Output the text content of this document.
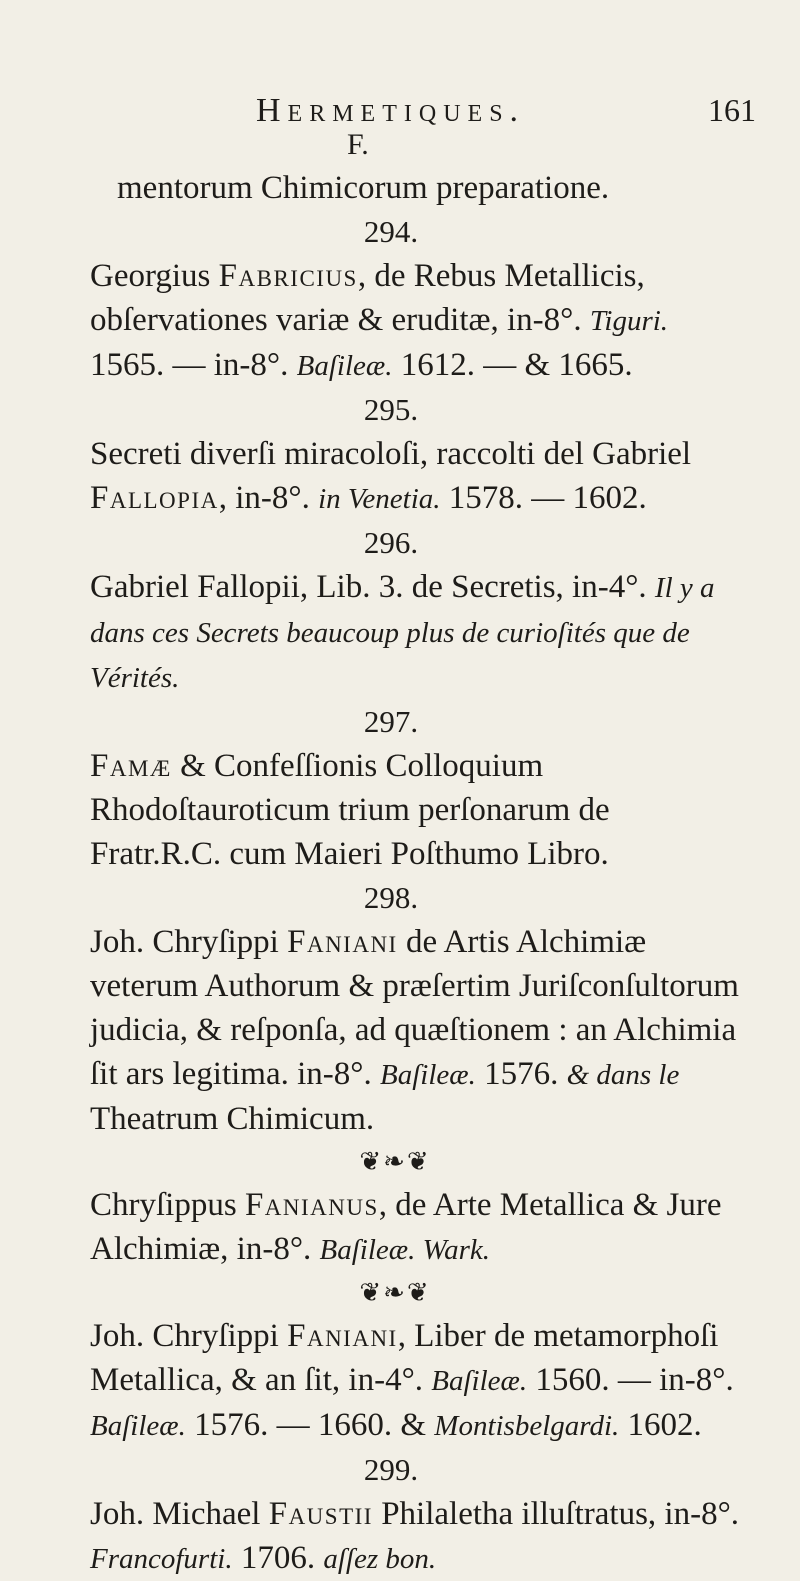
Hermetiques.	161
F.

mentorum Chimicorum preparatione.

294.

Georgius Fabricius, de Rebus Metallicis, obſervationes variæ & eruditæ, in-8°. Tiguri. 1565. — in-8°. Baſileæ. 1612. — & 1665.

295.

Secreti diverſi miracoloſi, raccolti del Gabriel Fallopia, in-8°. in Venetia. 1578. — 1602.

296.

Gabriel Fallopii, Lib. 3. de Secretis, in-4°. Il y a dans ces Secrets beaucoup plus de curioſités que de Vérités.

297.

Famæ & Confeſſionis Colloquium Rhodoſtauroticum trium perſonarum de Fratr.R.C. cum Maieri Poſthumo Libro.

298.

Joh. Chryſippi Faniani de Artis Alchimiæ veterum Authorum & præſertim Juriſconſultorum judicia, & reſponſa, ad quæſtionem : an Alchimia ſit ars legitima. in-8°. Baſileæ. 1576. & dans le Theatrum Chimicum.

❦❧❦

Chryſippus Fanianus, de Arte Metallica & Jure Alchimiæ, in-8°. Baſileæ. Wark.

❦❧❦

Joh. Chryſippi Faniani, Liber de metamorphoſi Metallica, & an ſit, in-4°. Baſileæ. 1560. — in-8°. Baſileæ. 1576. — 1660. & Montisbelgardi. 1602.

299.

Joh. Michael Faustii Philaletha illuſtratus, in-8°. Francofurti. 1706. aſſez bon.
